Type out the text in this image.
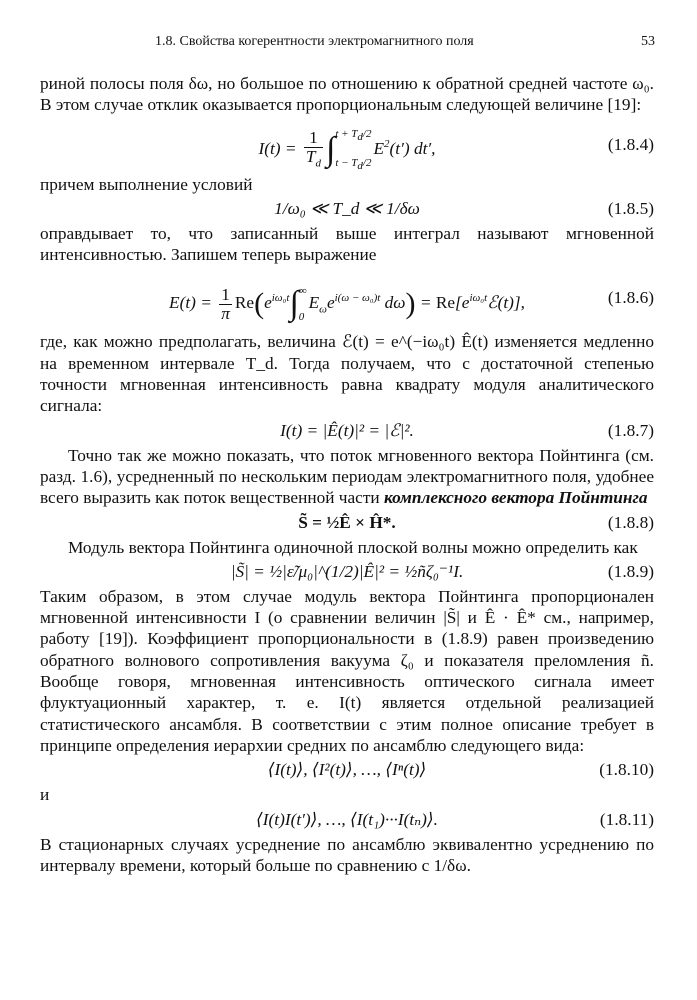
1.8. Свойства когерентности электромагнитного поля	53

риной полосы поля δω, но большое по отношению к обратной средней частоте ω₀. В этом случае отклик оказывается пропорциональным следующей величине [19]:

$I(t) = \frac{1}{T_d}$ ∫ $t + T_d/2$
$t - T_d/2$
$E^2(t')$ dt′,	(1.8.4)

причем выполнение условий

1/ω₀ ≪ T_d ≪ 1/δω	(1.8.5)

оправдывает то, что записанный выше интеграл называют мгновенной интенсивностью. Запишем теперь выражение

$E(t) = \frac{1}{\pi} Re(e^{i\omega_0t}\int$ ∞
0
$E_\omega e^{i(\omega - \omega_0)t}$ $d\omega) = Re[e^{i\omega_0t}ℰ(t)]$,	(1.8.6)

где, как можно предполагать, величина ℰ(t) = e^(−iω₀t) Ê(t) изменяется медленно на временном интервале T_d. Тогда получаем, что с достаточной степенью точности мгновенная интенсивность равна квадрату модуля аналитического сигнала:

I(t) = |Ê(t)|² = |ℰ|².	(1.8.7)

Точно так же можно показать, что поток мгновенного вектора Пойнтинга (см. разд. 1.6), усредненный по нескольким периодам электромагнитного поля, удобнее всего выразить как поток вещественной части комплексного вектора Пойнтинга

S̃ = ½Ê × Ĥ*.	(1.8.8)

Модуль вектора Пойнтинга одиночной плоской волны можно определить как

|S̃| = ½|ε̃/μ₀|^(1/2)|Ê|² = ½ñζ₀⁻¹I.	(1.8.9)

Таким образом, в этом случае модуль вектора Пойнтинга пропорционален мгновенной интенсивности I (о сравнении величин |S̃| и Ê · Ê* см., например, работу [19]). Коэффициент пропорциональности в (1.8.9) равен произведению обратного волнового сопротивления вакуума ζ₀ и показателя преломления ñ. Вообще говоря, мгновенная интенсивность оптического сигнала имеет флуктуационный характер, т. е. I(t) является отдельной реализацией статистического ансамбля. В соответствии с этим полное описание требует в принципе определения иерархии средних по ансамблю следующего вида:

⟨I(t)⟩, ⟨I²(t)⟩, …, ⟨Iⁿ(t)⟩	(1.8.10)

и

⟨I(t)I(t′)⟩, …, ⟨I(t₁)···I(tₙ)⟩.	(1.8.11)

В стационарных случаях усреднение по ансамблю эквивалентно усреднению по интервалу времени, который больше по сравнению с 1/δω.
